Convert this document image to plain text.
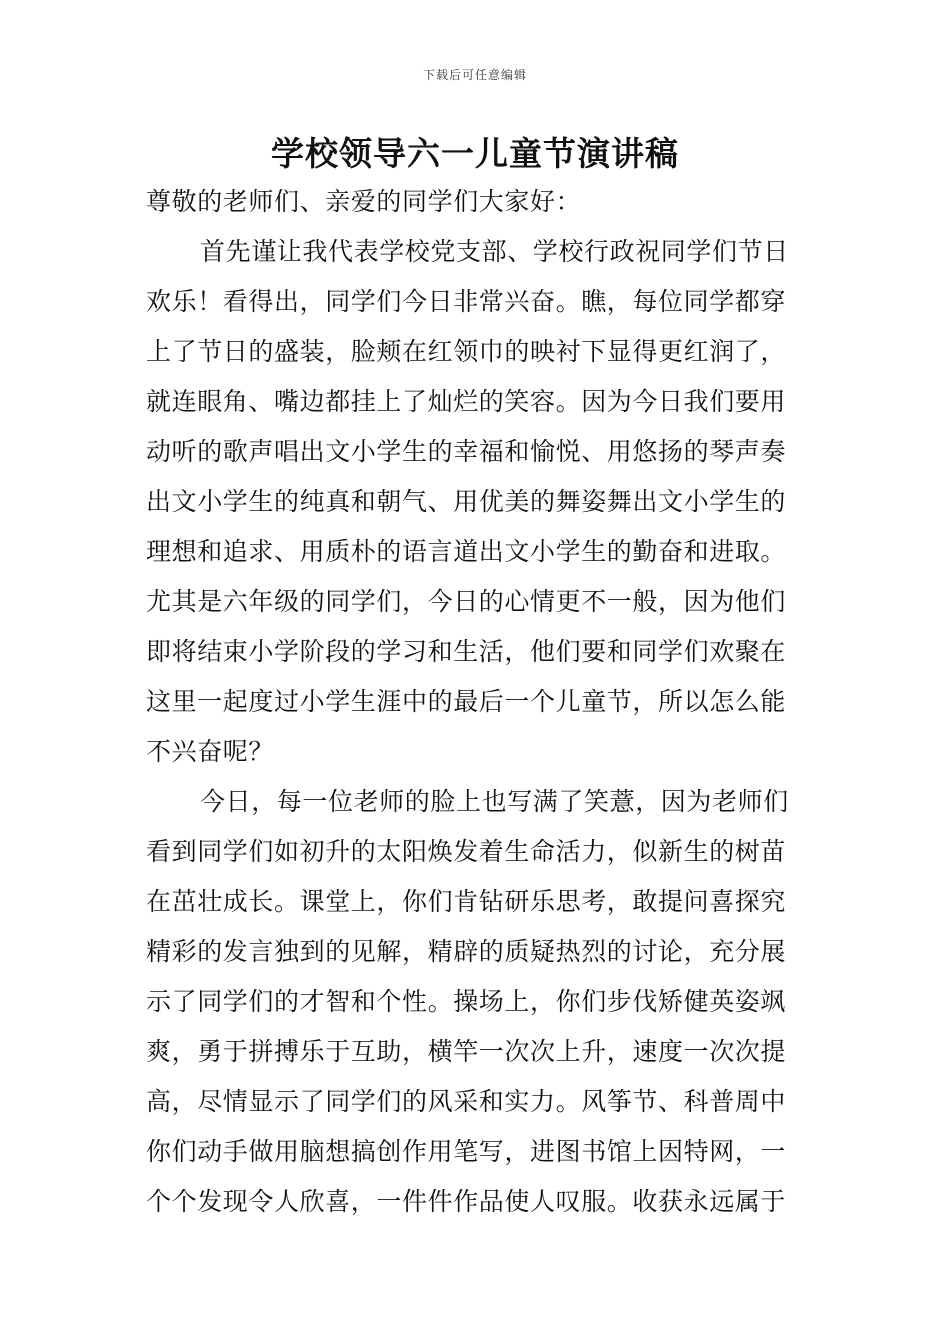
下载后可任意编辑
学校领导六一儿童节演讲稿
尊敬的老师们、亲爱的同学们大家好：
首先谨让我代表学校党支部、学校行政祝同学们节日
欢乐！看得出，同学们今日非常兴奋。瞧，每位同学都穿
上了节日的盛装，脸颊在红领巾的映衬下显得更红润了，
就连眼角、嘴边都挂上了灿烂的笑容。因为今日我们要用
动听的歌声唱出文小学生的幸福和愉悦、用悠扬的琴声奏
出文小学生的纯真和朝气、用优美的舞姿舞出文小学生的
理想和追求、用质朴的语言道出文小学生的勤奋和进取。
尤其是六年级的同学们，今日的心情更不一般，因为他们
即将结束小学阶段的学习和生活，他们要和同学们欢聚在
这里一起度过小学生涯中的最后一个儿童节，所以怎么能
不兴奋呢？
今日，每一位老师的脸上也写满了笑薏，因为老师们
看到同学们如初升的太阳焕发着生命活力，似新生的树苗
在茁壮成长。课堂上，你们肯钻研乐思考，敢提问喜探究
精彩的发言独到的见解，精辟的质疑热烈的讨论，充分展
示了同学们的才智和个性。操场上，你们步伐矫健英姿飒
爽，勇于拼搏乐于互助，横竿一次次上升，速度一次次提
高，尽情显示了同学们的风采和实力。风筝节、科普周中
你们动手做用脑想搞创作用笔写，进图书馆上因特网，一
个个发现令人欣喜，一件件作品使人叹服。收获永远属于
